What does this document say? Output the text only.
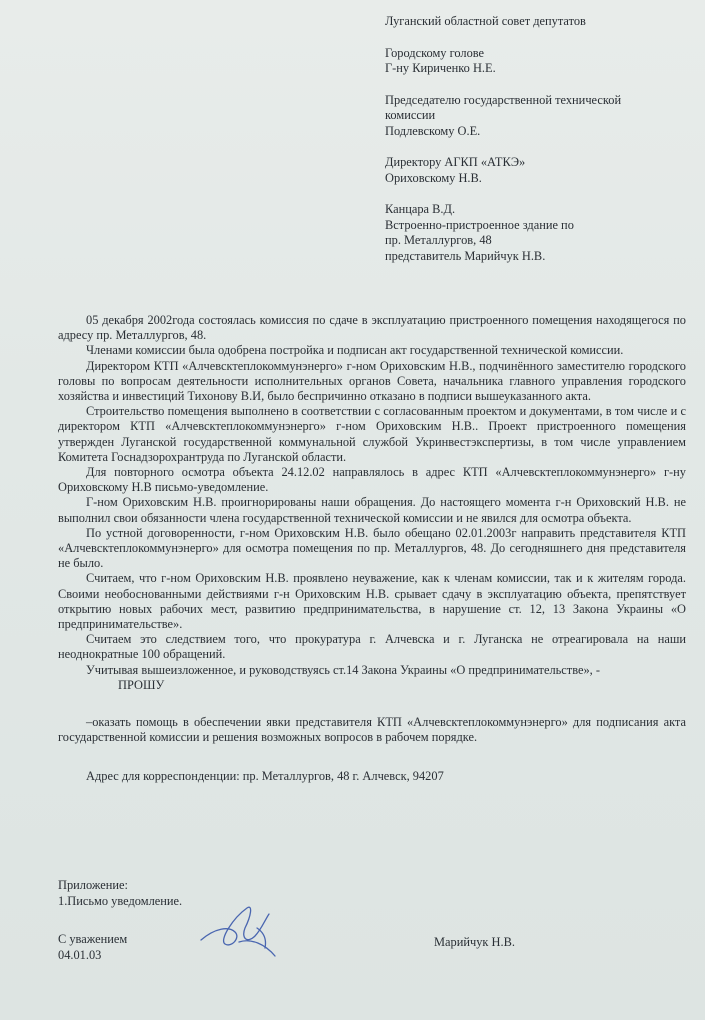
Луганский областной совет депутатов
Городскому голове
Г-ну Кириченко Н.Е.
Председателю государственной технической
комиссии
Подлевскому О.Е.
Директору АГКП «АТКЭ»
Ориховскому Н.В.
Канцара В.Д.
Встроенно-пристроенное здание по
пр. Металлургов, 48
представитель Марийчук Н.В.

05 декабря 2002года состоялась комиссия по сдаче в эксплуатацию пристроенного помещения находящегося по адресу пр. Металлургов, 48.

Членами комиссии была одобрена постройка и подписан акт государственной технической комиссии.

Директором КТП «Алчевсктеплокоммунэнерго» г-ном Ориховским Н.В., подчинённого заместителю городского головы по вопросам деятельности исполнительных органов Совета, начальника главного управления городского хозяйства и инвестиций Тихонову В.И, было беспричинно отказано в подписи вышеуказанного акта.

Строительство помещения выполнено в соответствии с согласованным проектом и документами, в том числе и с директором КТП «Алчевсктеплокоммунэнерго» г-ном Ориховским Н.В.. Проект пристроенного помещения утвержден Луганской государственной коммунальной службой Укринвестэкспертизы, в том числе управлением Комитета Госнадзорохрантруда по Луганской области.

Для повторного осмотра объекта 24.12.02 направлялось в адрес КТП «Алчевсктеплокоммунэнерго» г-ну Ориховскому Н.В письмо-уведомление.

Г-ном Ориховским Н.В. проигнорированы наши обращения. До настоящего момента г-н Ориховский Н.В. не выполнил свои обязанности члена государственной технической комиссии и не явился для осмотра объекта.

По устной договоренности, г-ном Ориховским Н.В. было обещано 02.01.2003г направить представителя КТП «Алчевсктеплокоммунэнерго» для осмотра помещения по пр. Металлургов, 48. До сегодняшнего дня представителя не было.

Считаем, что г-ном Ориховским Н.В. проявлено неуважение, как к членам комиссии, так и к жителям города. Своими необоснованными действиями г-н Ориховским Н.В. срывает сдачу в эксплуатацию объекта, препятствует открытию новых рабочих мест, развитию предпринимательства, в нарушение ст. 12, 13 Закона Украины «О предпринимательстве».

Считаем это следствием того, что прокуратура г. Алчевска и г. Луганска не отреагировала на наши неоднократные 100 обращений.

Учитывая вышеизложенное, и руководствуясь ст.14 Закона Украины «О предпринимательстве», -

ПРОШУ

–оказать помощь в обеспечении явки представителя КТП «Алчевсктеплокоммунэнерго» для подписания акта государственной комиссии и решения возможных вопросов в рабочем порядке.

Адрес для корреспонденции: пр. Металлургов, 48 г. Алчевск, 94207

Приложение:
1.Письмо уведомление.
С уважением
04.01.03
Марийчук Н.В.
